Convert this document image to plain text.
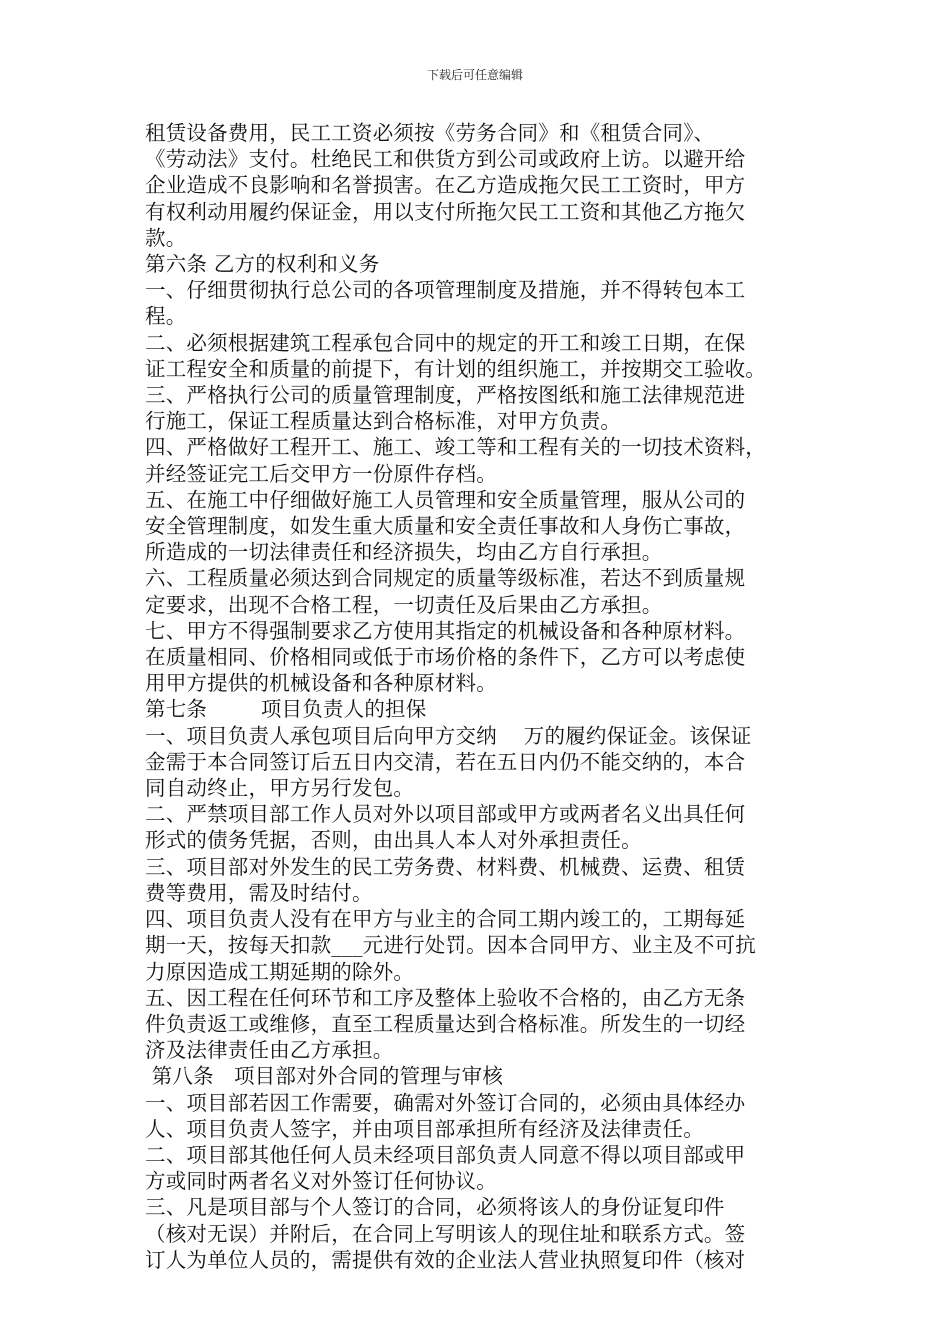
下载后可任意编辑
租赁设备费用，民工工资必须按《劳务合同》和《租赁合同》、
《劳动法》支付。杜绝民工和供货方到公司或政府上访。以避开给
企业造成不良影响和名誉损害。在乙方造成拖欠民工工资时，甲方
有权利动用履约保证金，用以支付所拖欠民工工资和其他乙方拖欠
款。
第六条 乙方的权利和义务
一、仔细贯彻执行总公司的各项管理制度及措施，并不得转包本工
程。
二、必须根据建筑工程承包合同中的规定的开工和竣工日期，在保
证工程安全和质量的前提下，有计划的组织施工，并按期交工验收。
三、严格执行公司的质量管理制度，严格按图纸和施工法律规范进
行施工，保证工程质量达到合格标准，对甲方负责。
四、严格做好工程开工、施工、竣工等和工程有关的一切技术资料，
并经签证完工后交甲方一份原件存档。
五、在施工中仔细做好施工人员管理和安全质量管理，服从公司的
安全管理制度，如发生重大质量和安全责任事故和人身伤亡事故，
所造成的一切法律责任和经济损失，均由乙方自行承担。
六、工程质量必须达到合同规定的质量等级标准，若达不到质量规
定要求，出现不合格工程，一切责任及后果由乙方承担。
七、甲方不得强制要求乙方使用其指定的机械设备和各种原材料。
在质量相同、价格相同或低于市场价格的条件下，乙方可以考虑使
用甲方提供的机械设备和各种原材料。
第七条        项目负责人的担保
一、项目负责人承包项目后向甲方交纳    万的履约保证金。该保证
金需于本合同签订后五日内交清，若在五日内仍不能交纳的，本合
同自动终止，甲方另行发包。
二、严禁项目部工作人员对外以项目部或甲方或两者名义出具任何
形式的债务凭据，否则，由出具人本人对外承担责任。
三、项目部对外发生的民工劳务费、材料费、机械费、运费、租赁
费等费用，需及时结付。
四、项目负责人没有在甲方与业主的合同工期内竣工的，工期每延
期一天，按每天扣款___元进行处罚。因本合同甲方、业主及不可抗
力原因造成工期延期的除外。
五、因工程在任何环节和工序及整体上验收不合格的，由乙方无条
件负责返工或维修，直至工程质量达到合格标准。所发生的一切经
济及法律责任由乙方承担。
第八条   项目部对外合同的管理与审核
一、项目部若因工作需要，确需对外签订合同的，必须由具体经办
人、项目负责人签字，并由项目部承担所有经济及法律责任。
二、项目部其他任何人员未经项目部负责人同意不得以项目部或甲
方或同时两者名义对外签订任何协议。
三、凡是项目部与个人签订的合同，必须将该人的身份证复印件
（核对无误）并附后，在合同上写明该人的现住址和联系方式。签
订人为单位人员的，需提供有效的企业法人营业执照复印件（核对
